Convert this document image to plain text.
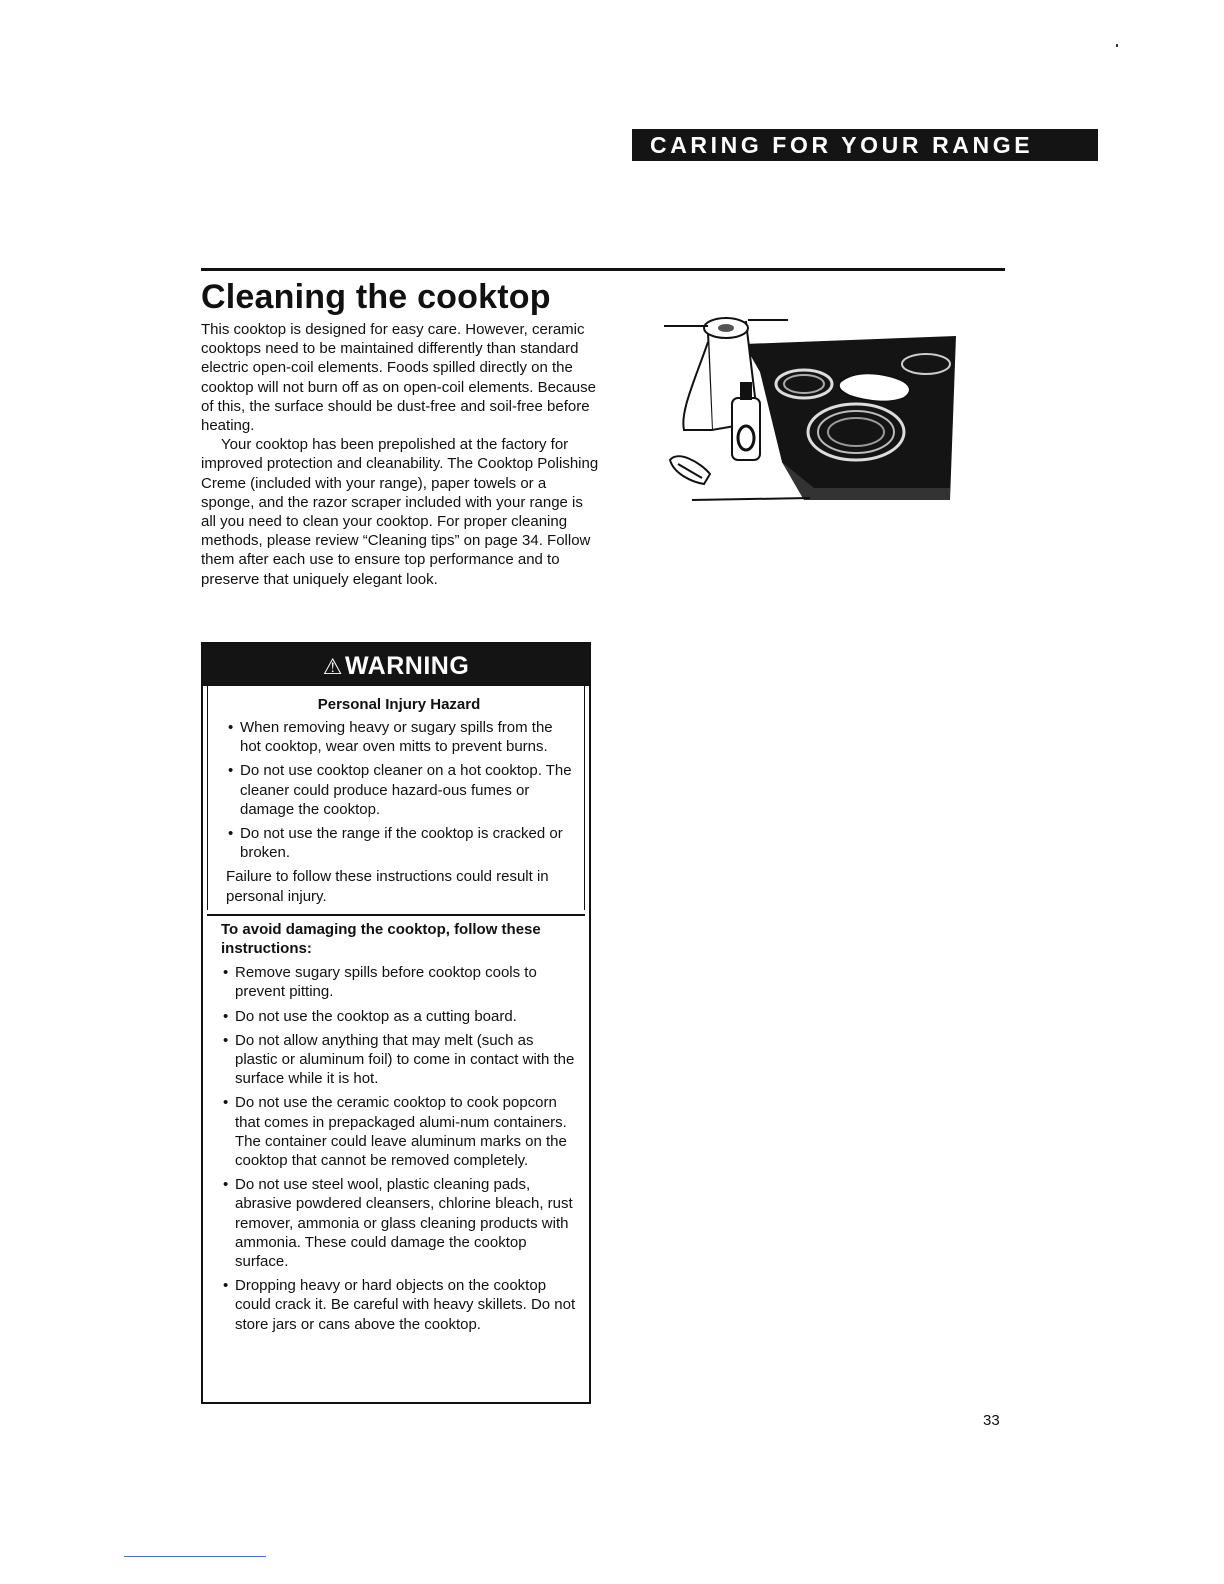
CARING FOR YOUR RANGE
Cleaning the cooktop

This cooktop is designed for easy care. However, ceramic cooktops need to be maintained differently than standard electric open-coil elements. Foods spilled directly on the cooktop will not burn off as on open-coil elements. Because of this, the surface should be dust-free and soil-free before heating.

Your cooktop has been prepolished at the factory for improved protection and cleanability. The Cooktop Polishing Creme (included with your range), paper towels or a sponge, and the razor scraper included with your range is all you need to clean your cooktop. For proper cleaning methods, please review “Cleaning tips” on page 34. Follow them after each use to ensure top performance and to preserve that uniquely elegant look.

⚠WARNING
Personal Injury Hazard
• When removing heavy or sugary spills from the hot cooktop, wear oven mitts to prevent burns.
• Do not use cooktop cleaner on a hot cooktop. The cleaner could produce hazard-ous fumes or damage the cooktop.
• Do not use the range if the cooktop is cracked or broken.

Failure to follow these instructions could result in personal injury.

To avoid damaging the cooktop, follow these instructions:

• Remove sugary spills before cooktop cools to prevent pitting.
• Do not use the cooktop as a cutting board.
• Do not allow anything that may melt (such as plastic or aluminum foil) to come in contact with the surface while it is hot.
• Do not use the ceramic cooktop to cook popcorn that comes in prepackaged alumi-num containers. The container could leave aluminum marks on the cooktop that cannot be removed completely.
• Do not use steel wool, plastic cleaning pads, abrasive powdered cleansers, chlorine bleach, rust remover, ammonia or glass cleaning products with ammonia. These could damage the cooktop surface.
• Dropping heavy or hard objects on the cooktop could crack it. Be careful with heavy skillets. Do not store jars or cans above the cooktop.
33
